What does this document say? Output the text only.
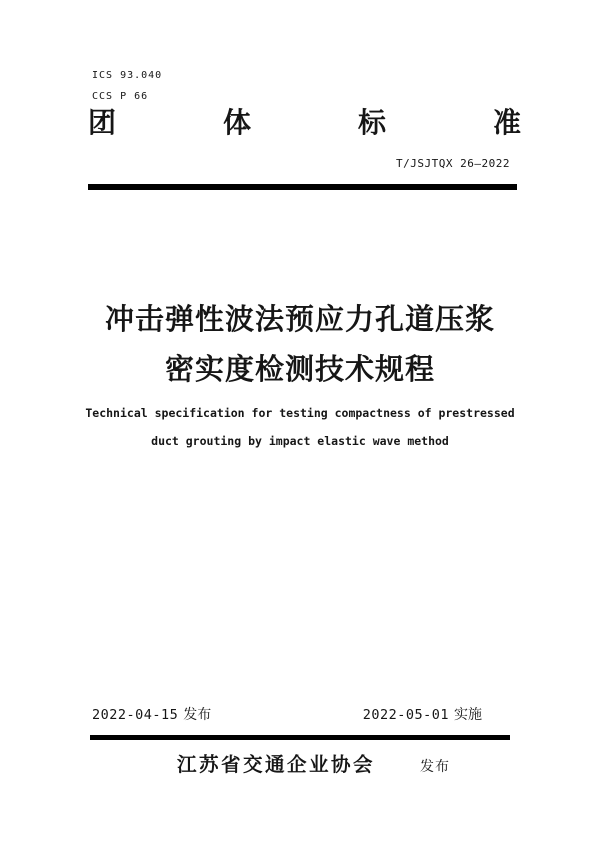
ICS 93.040
CCS P 66
团	体	标	准
T/JSJTQX 26—2022
冲击弹性波法预应力孔道压浆
密实度检测技术规程
Technical specification for testing compactness of prestressed
duct grouting by impact elastic wave method
2022-04-15 发布	2022-05-01 实施
江苏省交通企业协会	发布
